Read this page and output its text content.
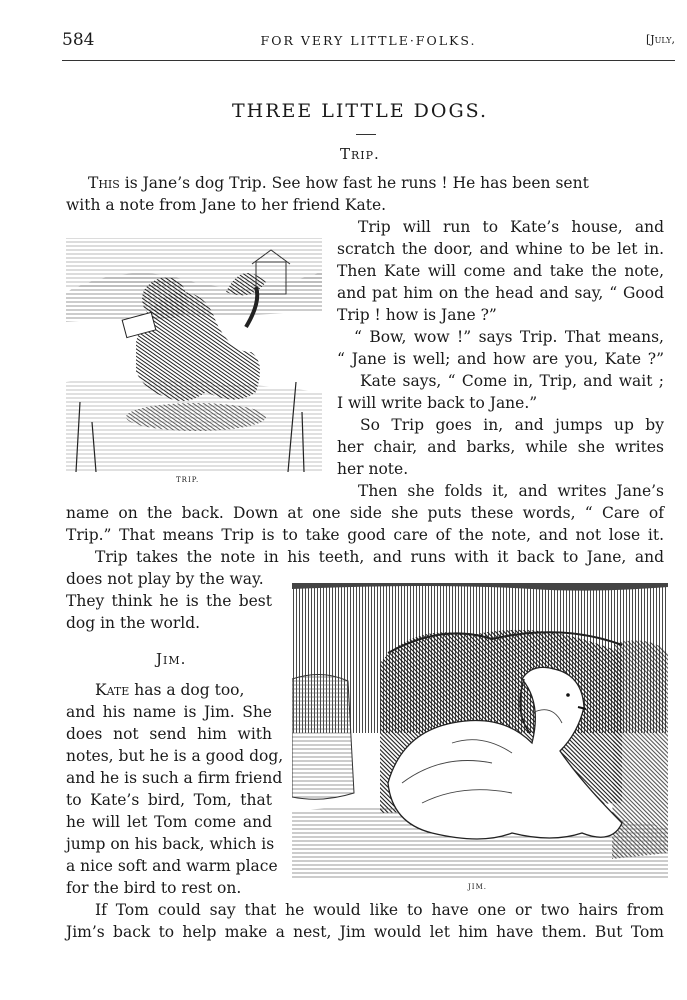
584	FOR VERY LITTLE·FOLKS.	[July,
THREE LITTLE DOGS.
Trip.
This is Jane’s dog Trip. See how fast he runs ! He has been sent
with a note from Jane to her friend Kate.
Trip will run to Kate’s house, and
scratch the door, and whine to be let in.
Then Kate will come and take the note,
and pat him on the head and say, “ Good
Trip ! how is Jane ?”
“ Bow, wow !” says Trip. That means,
“ Jane is well; and how are you, Kate ?”
Kate says, “ Come in, Trip, and wait ;
I will write back to Jane.”
So Trip goes in, and jumps up by
her chair, and barks, while she writes
her note.
Then she folds it, and writes Jane’s
name on the back. Down at one side she puts these words, “ Care of
Trip.” That means Trip is to take good care of the note, and not lose it.
Trip takes the note in his teeth, and runs with it back to Jane, and
does not play by the way.
They think he is the best
dog in the world.
TRIP.
Jim.
Kate has a dog too,
and his name is Jim. She
does not send him with
notes, but he is a good dog,
and he is such a firm friend
to Kate’s bird, Tom, that
he will let Tom come and
jump on his back, which is
a nice soft and warm place
for the bird to rest on.
If Tom could say that he would like to have one or two hairs from
Jim’s back to help make a nest, Jim would let him have them. But Tom
JIM.
